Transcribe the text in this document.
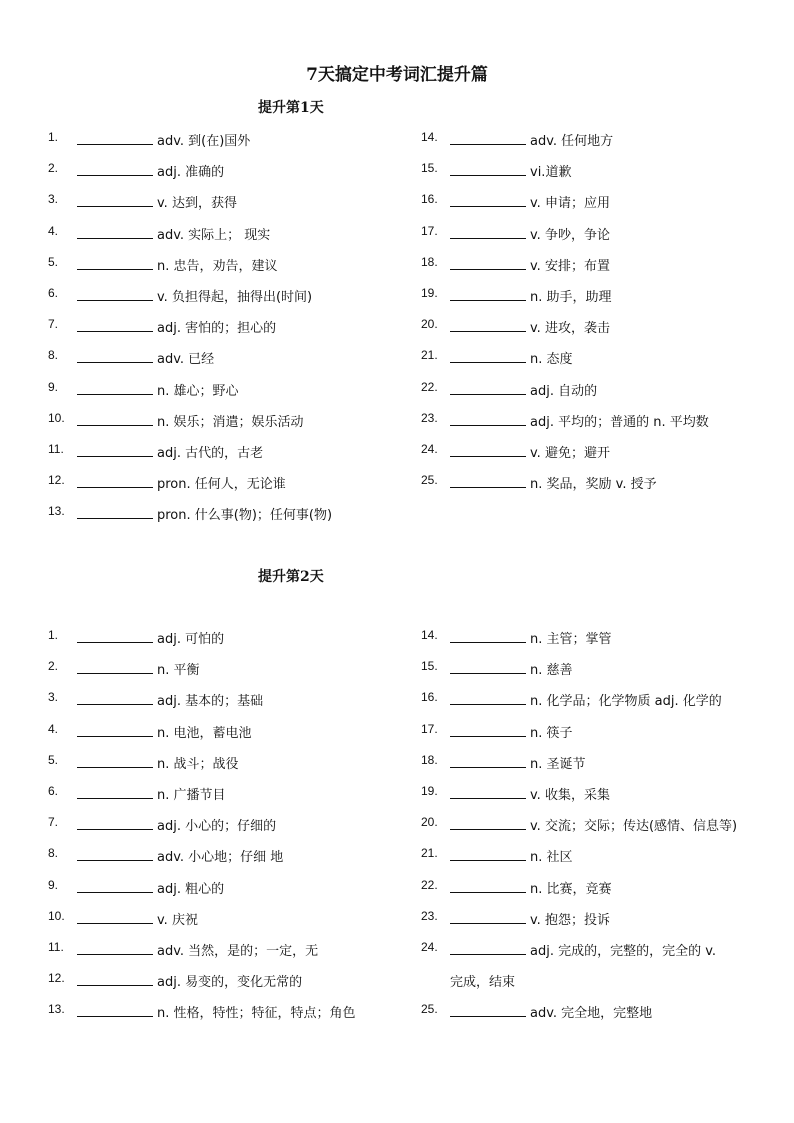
7天搞定中考词汇提升篇
提升第1天
1.	adv. 到(在)国外
2.	adj. 准确的
3.	v. 达到，获得
4.	adv. 实际上； 现实
5.	n. 忠告，劝告，建议
6.	v. 负担得起，抽得出(时间)
7.	adj. 害怕的；担心的
8.	adv. 已经
9.	n. 雄心；野心
10.	n. 娱乐；消遣；娱乐活动
11.	adj. 古代的，古老
12.	pron. 任何人，无论谁
13.	pron. 什么事(物)；任何事(物)
14.	adv. 任何地方
15.	vi.道歉
16.	v. 申请；应用
17.	v. 争吵，争论
18.	v. 安排；布置
19.	n. 助手，助理
20.	v. 进攻，袭击
21.	n. 态度
22.	adj. 自动的
23.	adj. 平均的；普通的 n. 平均数
24.	v. 避免；避开
25.	n. 奖品，奖励 v. 授予
提升第2天
1.	adj. 可怕的
2.	n. 平衡
3.	adj. 基本的；基础
4.	n. 电池，蓄电池
5.	n. 战斗；战役
6.	n. 广播节目
7.	adj. 小心的；仔细的
8.	adv. 小心地；仔细 地
9.	adj. 粗心的
10.	v. 庆祝
11.	adv. 当然，是的；一定，无
12.	adj. 易变的，变化无常的
13.	n. 性格，特性；特征，特点；角色
14.	n. 主管；掌管
15.	n. 慈善
16.	n. 化学品；化学物质 adj. 化学的
17.	n. 筷子
18.	n. 圣诞节
19.	v. 收集，采集
20.	v. 交流；交际；传达(感情、信息等)
21.	n. 社区
22.	n. 比赛，竞赛
23.	v. 抱怨；投诉
24.	adj. 完成的，完整的，完全的 v.
完成，结束
25.	adv. 完全地，完整地
